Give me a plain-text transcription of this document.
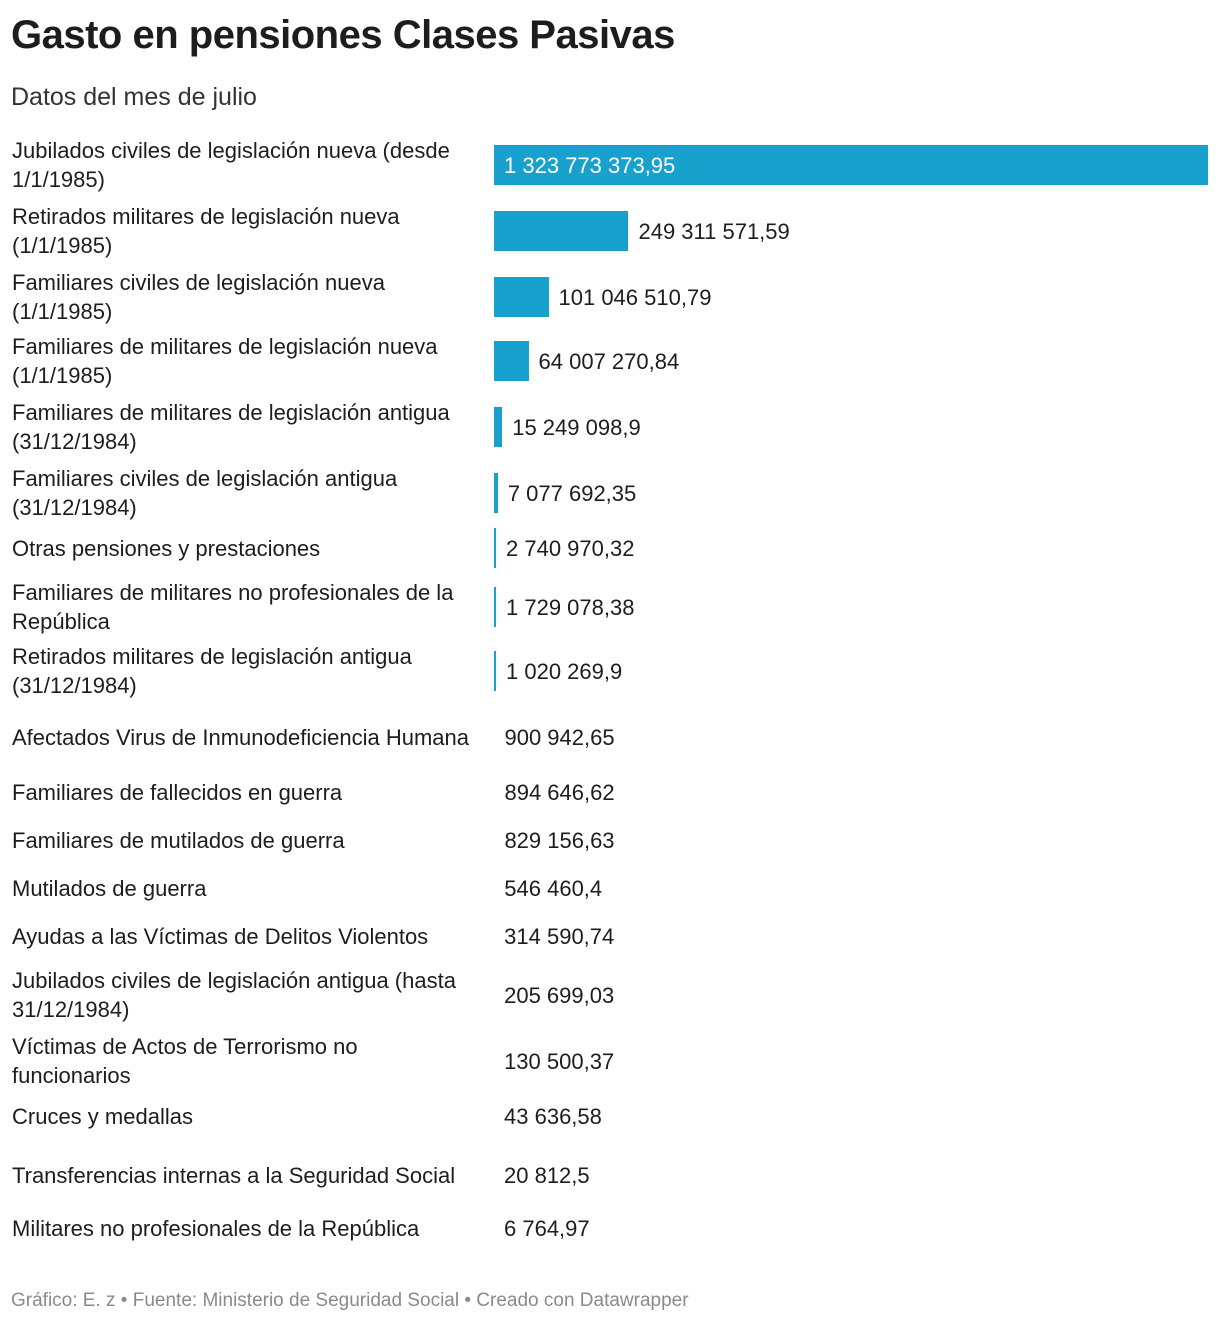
Gasto en pensiones Clases Pasivas
Datos del mes de julio
Jubilados civiles de legislación nueva (desde 1/1/1985)
1 323 773 373,95
Retirados militares de legislación nueva (1/1/1985)
249 311 571,59
Familiares civiles de legislación nueva (1/1/1985)
101 046 510,79
Familiares de militares de legislación nueva (1/1/1985)
64 007 270,84
Familiares de militares de legislación antigua (31/12/1984)
15 249 098,9
Familiares civiles de legislación antigua (31/12/1984)
7 077 692,35
Otras pensiones y prestaciones	2 740 970,32
Familiares de militares no profesionales de la República
1 729 078,38
Retirados militares de legislación antigua (31/12/1984)
1 020 269,9
Afectados Virus de Inmunodeficiencia Humana	900 942,65
Familiares de fallecidos en guerra	894 646,62
Familiares de mutilados de guerra	829 156,63
Mutilados de guerra	546 460,4
Ayudas a las Víctimas de Delitos Violentos	314 590,74
Jubilados civiles de legislación antigua (hasta 31/12/1984)
205 699,03
Víctimas de Actos de Terrorismo no funcionarios
130 500,37
Cruces y medallas	43 636,58
Transferencias internas a la Seguridad Social	20 812,5
Militares no profesionales de la República	6 764,97
Gráfico: E. z • Fuente: Ministerio de Seguridad Social • Creado con Datawrapper
